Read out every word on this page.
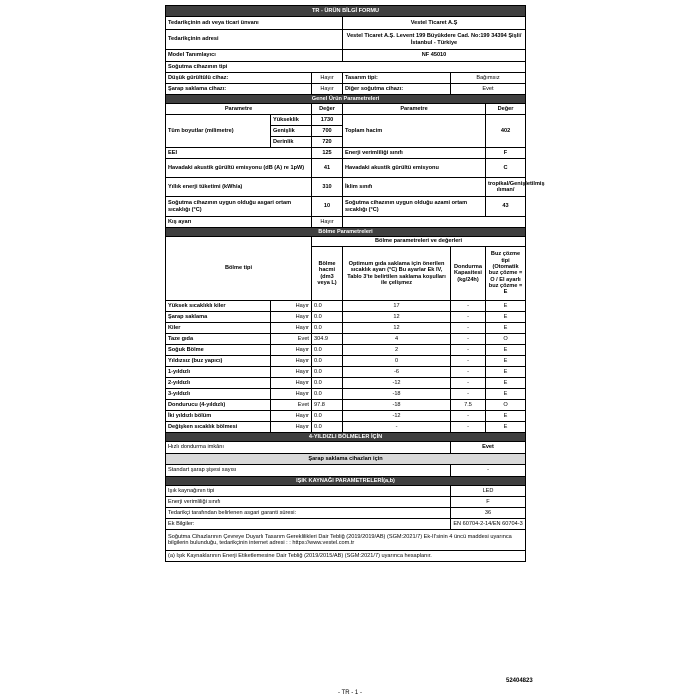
TR - ÜRÜN BİLGİ FORMU					
Tedarikçinin adı veya ticari ünvanı			Vestel Ticaret A.Ş		
Tedarikçinin adresi			Vestel Ticaret A.Ş. Levent 199 Büyükdere Cad. No:199 34394 Şişli/İstanbul - Türkiye		
Model Tanımlayıcı			NF 45010		
Soğutma cihazının tipi					
Düşük gürültülü cihaz:		Hayır	Tasarım tipi:	Bağımsız	
Şarap saklama cihazı:		Hayır	Diğer soğutma cihazı:	Evet	
Genel Ürün Parametreleri					
Parametre		Değer	Parametre		Değer
Tüm boyutlar (milimetre)	Yükseklik	1730	Toplam hacim		402
	Genişlik	700			
	Derinlik	720			
EEI		125	Enerji verimliliği sınıfı		F
Havadaki akustik gürültü emisyonu (dB (A) re 1pW)		41	Havadaki akustik gürültü emisyonu		C
Yıllık enerji tüketimi (kWh/a)		310	İklim sınıfı		tropikal/Genişletilmiş ılıman/
Soğutma cihazının uygun olduğu asgari ortam sıcaklığı (°C)		10	Soğutma cihazının uygun olduğu azami ortam sıcaklığı (°C)		43
Kış ayarı		Hayır			
Bölme Parametreleri					
Bölme tipi		Bölme parametreleri ve değerleri			
		Bölme hacmi (dm3 veya L)	Optimum gıda saklama için önerilen sıcaklık ayarı (°C) Bu ayarlar Ek IV, Tablo 3'te belirtilen saklama koşulları ile çelişmez	Dondurma Kapasitesi (kg/24h)	Buz çözme tipi (Otomatik buz çözme = O / El ayarlı buz çözme = E
Yüksek sıcaklıklı kiler	Hayır	0.0	17	-	E
Şarap saklama	Hayır	0.0	12	-	E
Kiler	Hayır	0.0	12	-	E
Taze gıda	Evet	304.9	4	-	O
Soğuk Bölme	Hayır	0.0	2	-	E
Yıldızsız (buz yapıcı)	Hayır	0.0	0	-	E
1-yıldızlı	Hayır	0.0	-6	-	E
2-yıldızlı	Hayır	0.0	-12	-	E
3-yıldızlı	Hayır	0.0	-18	-	E
Dondurucu (4-yıldızlı)	Evet	97.8	-18	7.5	O
İki yıldızlı bölüm	Hayır	0.0	-12	-	E
Değişken sıcaklık bölmesi	Hayır	0.0	-	-	E
4-YILDIZLI BÖLMELER İÇİN					
Hızlı dondurma imkânı				Evet	
Şarap saklama cihazları için					
Standart şarap şişesi sayısı				-	
IŞIK KAYNAĞI PARAMETRELERİ(a,b)					
Işık kaynağının tipi				LED	
Enerji verimliliği sınıfı				F	
Tedarikçi tarafından belirlenen asgari garanti süresi:				36	
Ek Bilgiler:				EN 60704-2-14/EN 60704-3	
Soğutma Cihazlarının Çevreye Duyarlı Tasarım Gereklilikleri Dair Tebliğ (2019/2019/AB) (SGM:2021/7) Ek-II'sinin 4 üncü maddesi uyarınca bilgilerin bulunduğu, tedarikçinin internet adresi : : https://www.vestel.com.tr					
(a) Işık Kaynaklarının Enerji Etiketlemesine Dair Tebliğ (2019/2015/AB) (SGM:2021/7) uyarınca hesaplanır.					
52404823
- TR - 1 -
